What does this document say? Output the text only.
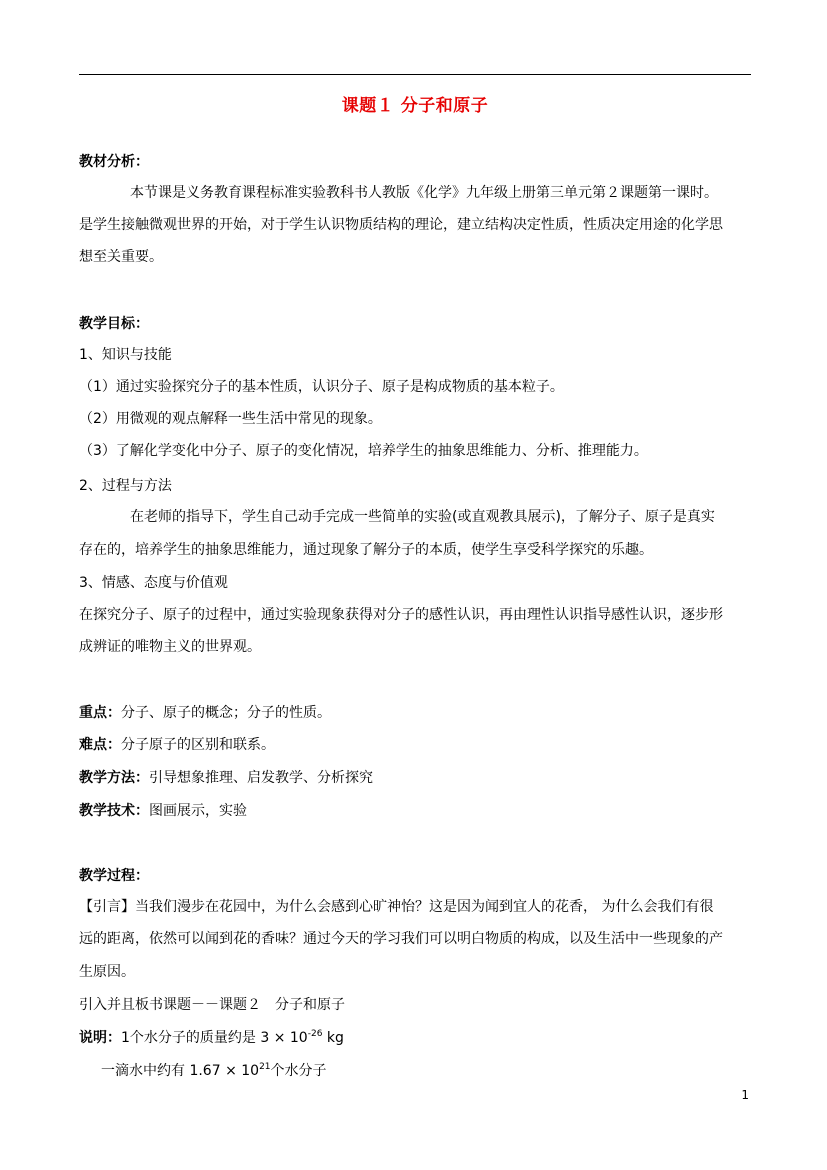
课题１ 分子和原子
教材分析：
本节课是义务教育课程标准实验教科书人教版《化学》九年级上册第三单元第２课题第一课时。
是学生接触微观世界的开始，对于学生认识物质结构的理论，建立结构决定性质，性质决定用途的化学思
想至关重要。
教学目标：
1、知识与技能
（1）通过实验探究分子的基本性质，认识分子、原子是构成物质的基本粒子。
（2）用微观的观点解释一些生活中常见的现象。
（3）了解化学变化中分子、原子的变化情况，培养学生的抽象思维能力、分析、推理能力。
2、过程与方法
在老师的指导下，学生自己动手完成一些简单的实验(或直观教具展示)，了解分子、原子是真实
存在的，培养学生的抽象思维能力，通过现象了解分子的本质，使学生享受科学探究的乐趣。
3、情感、态度与价值观
在探究分子、原子的过程中，通过实验现象获得对分子的感性认识，再由理性认识指导感性认识，逐步形
成辨证的唯物主义的世界观。
重点：分子、原子的概念；分子的性质。
难点：分子原子的区别和联系。
教学方法：引导想象推理、启发教学、分析探究
教学技术：图画展示，实验
教学过程：
【引言】当我们漫步在花园中，为什么会感到心旷神怡？这是因为闻到宜人的花香， 为什么会我们有很
远的距离，依然可以闻到花的香味？通过今天的学习我们可以明白物质的构成，以及生活中一些现象的产
生原因。
引入并且板书课题－－课题２　分子和原子
说明：1个水分子的质量约是 $3 \times 10^{-26}$ kg
一滴水中约有 $1.67 \times 10^{21}$个水分子
1
